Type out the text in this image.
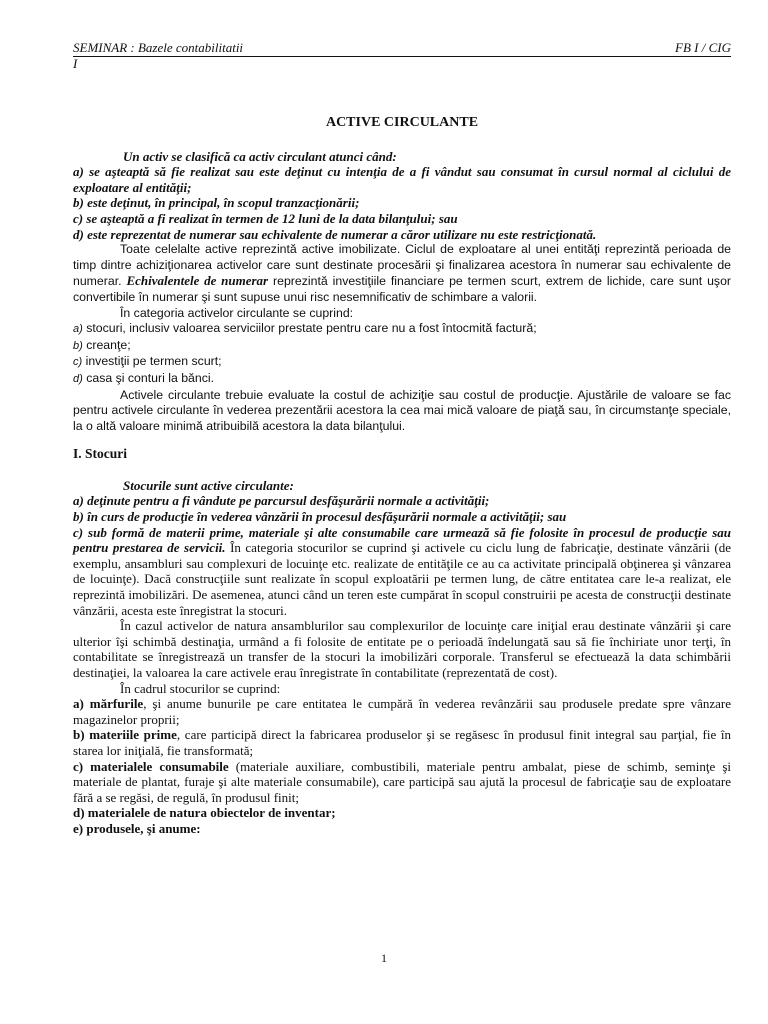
SEMINAR : Bazele contabilitatii	FB I / CIG
I
ACTIVE CIRCULANTE

Un activ se clasifică ca activ circulant atunci când:

a) se aşteaptă să fie realizat sau este deţinut cu intenţia de a fi vândut sau consumat în cursul normal al ciclului de exploatare al entităţii;

b) este deţinut, în principal, în scopul tranzacţionării;

c) se aşteaptă a fi realizat în termen de 12 luni de la data bilanţului; sau

d) este reprezentat de numerar sau echivalente de numerar a căror utilizare nu este restricţionată.

Toate celelalte active reprezintă active imobilizate. Ciclul de exploatare al unei entităţi reprezintă perioada de timp dintre achiziţionarea activelor care sunt destinate procesării şi finalizarea acestora în numerar sau echivalente de numerar. Echivalentele de numerar reprezintă investiţiile financiare pe termen scurt, extrem de lichide, care sunt uşor convertibile în numerar şi sunt supuse unui risc nesemnificativ de schimbare a valorii.

În categoria activelor circulante se cuprind:

a) stocuri, inclusiv valoarea serviciilor prestate pentru care nu a fost întocmită factură;

b) creanţe;

c) investiţii pe termen scurt;

d) casa şi conturi la bănci.

Activele circulante trebuie evaluate la costul de achiziţie sau costul de producţie. Ajustările de valoare se fac pentru activele circulante în vederea prezentării acestora la cea mai mică valoare de piaţă sau, în circumstanţe speciale, la o altă valoare minimă atribuibilă acestora la data bilanţului.

I. Stocuri

Stocurile sunt active circulante:

a) deţinute pentru a fi vândute pe parcursul desfăşurării normale a activităţii;

b) în curs de producţie în vederea vânzării în procesul desfăşurării normale a activităţii; sau

c) sub formă de materii prime, materiale şi alte consumabile care urmează să fie folosite în procesul de producţie sau pentru prestarea de servicii. În categoria stocurilor se cuprind şi activele cu ciclu lung de fabricaţie, destinate vânzării (de exemplu, ansambluri sau complexuri de locuinţe etc. realizate de entităţile ce au ca activitate principală obţinerea şi vânzarea de locuinţe). Dacă construcţiile sunt realizate în scopul exploatării pe termen lung, de către entitatea care le-a realizat, ele reprezintă imobilizări. De asemenea, atunci când un teren este cumpărat în scopul construirii pe acesta de construcţii destinate vânzării, acesta este înregistrat la stocuri.

În cazul activelor de natura ansamblurilor sau complexurilor de locuinţe care iniţial erau destinate vânzării şi care ulterior îşi schimbă destinaţia, urmând a fi folosite de entitate pe o perioadă îndelungată sau să fie închiriate unor terţi, în contabilitate se înregistrează un transfer de la stocuri la imobilizări corporale. Transferul se efectuează la data schimbării destinaţiei, la valoarea la care activele erau înregistrate în contabilitate (reprezentată de cost).

În cadrul stocurilor se cuprind:

a) mărfurile, şi anume bunurile pe care entitatea le cumpără în vederea revânzării sau produsele predate spre vânzare magazinelor proprii;

b) materiile prime, care participă direct la fabricarea produselor şi se regăsesc în produsul finit integral sau parţial, fie în starea lor iniţială, fie transformată;

c) materialele consumabile (materiale auxiliare, combustibili, materiale pentru ambalat, piese de schimb, seminţe şi materiale de plantat, furaje şi alte materiale consumabile), care participă sau ajută la procesul de fabricaţie sau de exploatare fără a se regăsi, de regulă, în produsul finit;

d) materialele de natura obiectelor de inventar;

e) produsele, şi anume:

1
